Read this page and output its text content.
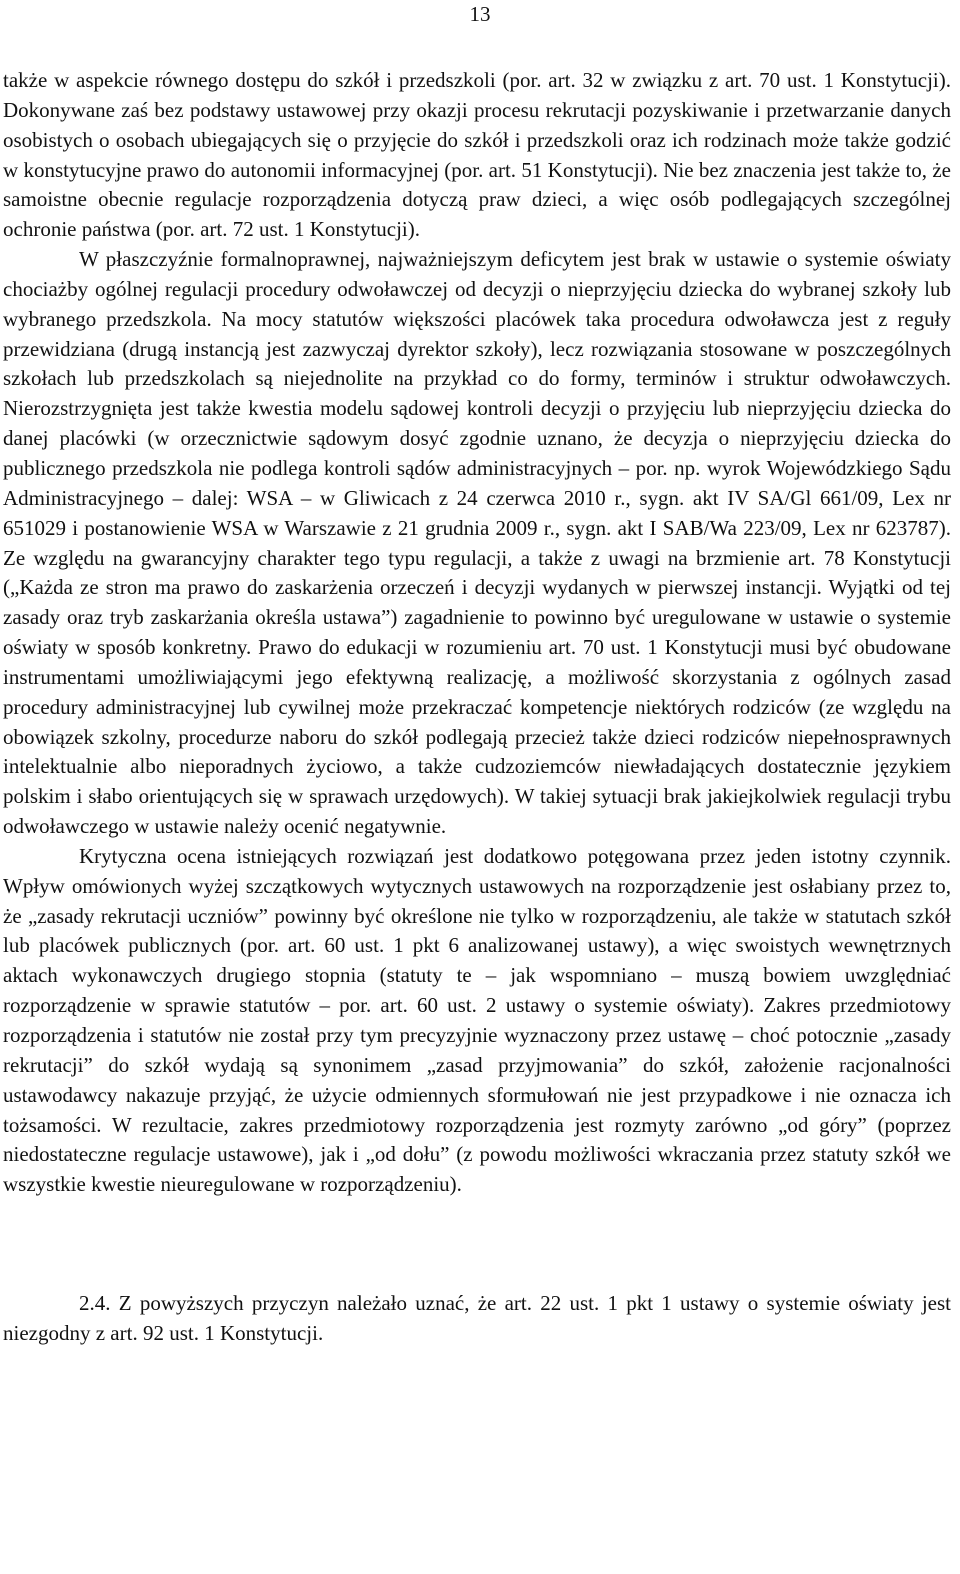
13

także w aspekcie równego dostępu do szkół i przedszkoli (por. art. 32 w związku z art. 70 ust. 1 Konstytucji). Dokonywane zaś bez podstawy ustawowej przy okazji procesu rekrutacji pozyskiwanie i przetwarzanie danych osobistych o osobach ubiegających się o przyjęcie do szkół i przedszkoli oraz ich rodzinach może także godzić w konstytucyjne prawo do autonomii informacyjnej (por. art. 51 Konstytucji). Nie bez znaczenia jest także to, że samoistne obecnie regulacje rozporządzenia dotyczą praw dzieci, a więc osób podlegających szczególnej ochronie państwa (por. art. 72 ust. 1 Konstytucji).

W płaszczyźnie formalnoprawnej, najważniejszym deficytem jest brak w ustawie o systemie oświaty chociażby ogólnej regulacji procedury odwoławczej od decyzji o nieprzyjęciu dziecka do wybranej szkoły lub wybranego przedszkola. Na mocy statutów większości placówek taka procedura odwoławcza jest z reguły przewidziana (drugą instancją jest zazwyczaj dyrektor szkoły), lecz rozwiązania stosowane w poszczególnych szkołach lub przedszkolach są niejednolite na przykład co do formy, terminów i struktur odwoławczych. Nierozstrzygnięta jest także kwestia modelu sądowej kontroli decyzji o przyjęciu lub nieprzyjęciu dziecka do danej placówki (w orzecznictwie sądowym dosyć zgodnie uznano, że decyzja o nieprzyjęciu dziecka do publicznego przedszkola nie podlega kontroli sądów administracyjnych – por. np. wyrok Wojewódzkiego Sądu Administracyjnego – dalej: WSA – w Gliwicach z 24 czerwca 2010 r., sygn. akt IV SA/Gl 661/09, Lex nr 651029 i postanowienie WSA w Warszawie z 21 grudnia 2009 r., sygn. akt I SAB/Wa 223/09, Lex nr 623787). Ze względu na gwarancyjny charakter tego typu regulacji, a także z uwagi na brzmienie art. 78 Konstytucji („Każda ze stron ma prawo do zaskarżenia orzeczeń i decyzji wydanych w pierwszej instancji. Wyjątki od tej zasady oraz tryb zaskarżania określa ustawa”) zagadnienie to powinno być uregulowane w ustawie o systemie oświaty w sposób konkretny. Prawo do edukacji w rozumieniu art. 70 ust. 1 Konstytucji musi być obudowane instrumentami umożliwiającymi jego efektywną realizację, a możliwość skorzystania z ogólnych zasad procedury administracyjnej lub cywilnej może przekraczać kompetencje niektórych rodziców (ze względu na obowiązek szkolny, procedurze naboru do szkół podlegają przecież także dzieci rodziców niepełnosprawnych intelektualnie albo nieporadnych życiowo, a także cudzoziemców niewładających dostatecznie językiem polskim i słabo orientujących się w sprawach urzędowych). W takiej sytuacji brak jakiejkolwiek regulacji trybu odwoławczego w ustawie należy ocenić negatywnie.

Krytyczna ocena istniejących rozwiązań jest dodatkowo potęgowana przez jeden istotny czynnik. Wpływ omówionych wyżej szczątkowych wytycznych ustawowych na rozporządzenie jest osłabiany przez to, że „zasady rekrutacji uczniów” powinny być określone nie tylko w rozporządzeniu, ale także w statutach szkół lub placówek publicznych (por. art. 60 ust. 1 pkt 6 analizowanej ustawy), a więc swoistych wewnętrznych aktach wykonawczych drugiego stopnia (statuty te – jak wspomniano – muszą bowiem uwzględniać rozporządzenie w sprawie statutów – por. art. 60 ust. 2 ustawy o systemie oświaty). Zakres przedmiotowy rozporządzenia i statutów nie został przy tym precyzyjnie wyznaczony przez ustawę – choć potocznie „zasady rekrutacji” do szkół wydają są synonimem „zasad przyjmowania” do szkół, założenie racjonalności ustawodawcy nakazuje przyjąć, że użycie odmiennych sformułowań nie jest przypadkowe i nie oznacza ich tożsamości. W rezultacie, zakres przedmiotowy rozporządzenia jest rozmyty zarówno „od góry” (poprzez niedostateczne regulacje ustawowe), jak i „od dołu” (z powodu możliwości wkraczania przez statuty szkół we wszystkie kwestie nieuregulowane w rozporządzeniu).

2.4. Z powyższych przyczyn należało uznać, że art. 22 ust. 1 pkt 1 ustawy o systemie oświaty jest niezgodny z art. 92 ust. 1 Konstytucji.
